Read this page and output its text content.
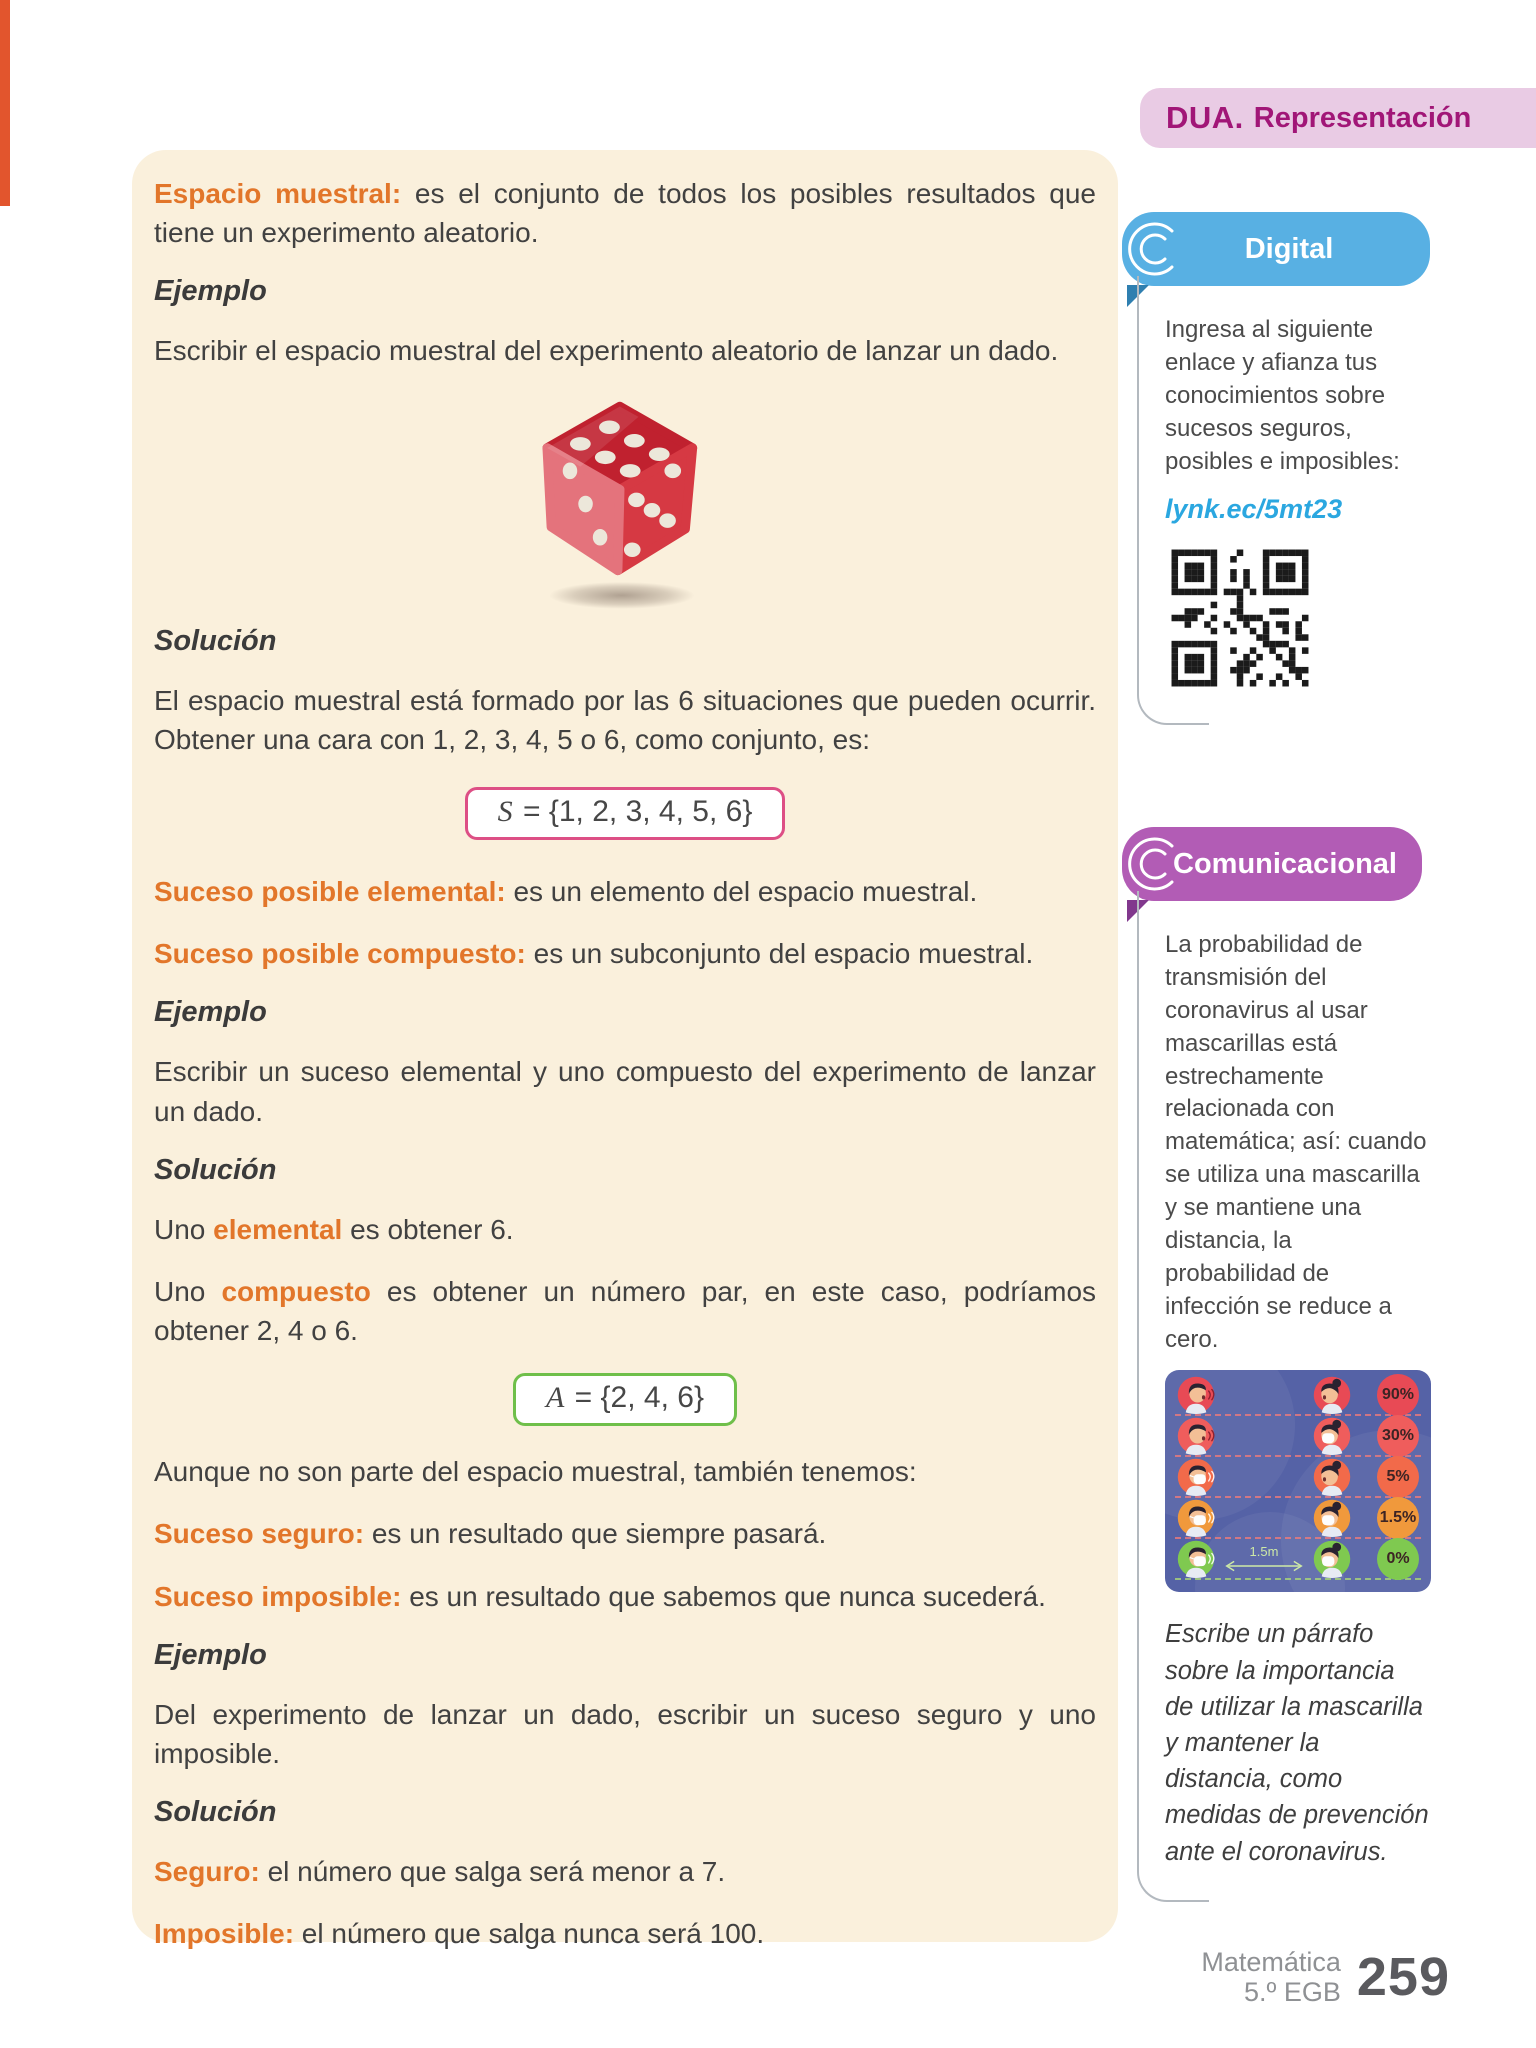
DUA. Representación

Espacio muestral: es el conjunto de todos los posibles resultados que tiene un experimento aleatorio.

Ejemplo

Escribir el espacio muestral del experimento aleatorio de lanzar un dado.

Solución

El espacio muestral está formado por las 6 situaciones que pueden ocurrir. Obtener una cara con 1, 2, 3, 4, 5 o 6, como conjunto, es:

S = {1, 2, 3, 4, 5, 6}

Suceso posible elemental: es un elemento del espacio muestral.

Suceso posible compuesto: es un subconjunto del espacio muestral.

Ejemplo

Escribir un suceso elemental y uno compuesto del experimento de lanzar un dado.

Solución

Uno elemental es obtener 6.

Uno compuesto es obtener un número par, en este caso, podríamos obtener 2, 4 o 6.

A = {2, 4, 6}

Aunque no son parte del espacio muestral, también tenemos:

Suceso seguro: es un resultado que siempre pasará.

Suceso imposible: es un resultado que sabemos que nunca sucederá.

Ejemplo

Del experimento de lanzar un dado, escribir un suceso seguro y uno imposible.

Solución

Seguro: el número que salga será menor a 7.

Imposible: el número que salga nunca será 100.

Digital

Ingresa al siguiente enlace y afianza tus conocimientos sobre sucesos seguros, posibles e imposibles:

lynk.ec/5mt23
Comunicacional

La probabilidad de transmisión del coronavirus al usar mascarillas está estrechamente relacionada con matemática; así: cuando se utiliza una mascarilla y se mantiene una distancia, la probabilidad de infección se reduce a cero.

90%
30%
5%
1.5%
1.5m	0%

Escribe un párrafo sobre la importancia de utilizar la mascarilla y mantener la distancia, como medidas de prevención ante el coronavirus.

Matemática
5.º EGB 259
